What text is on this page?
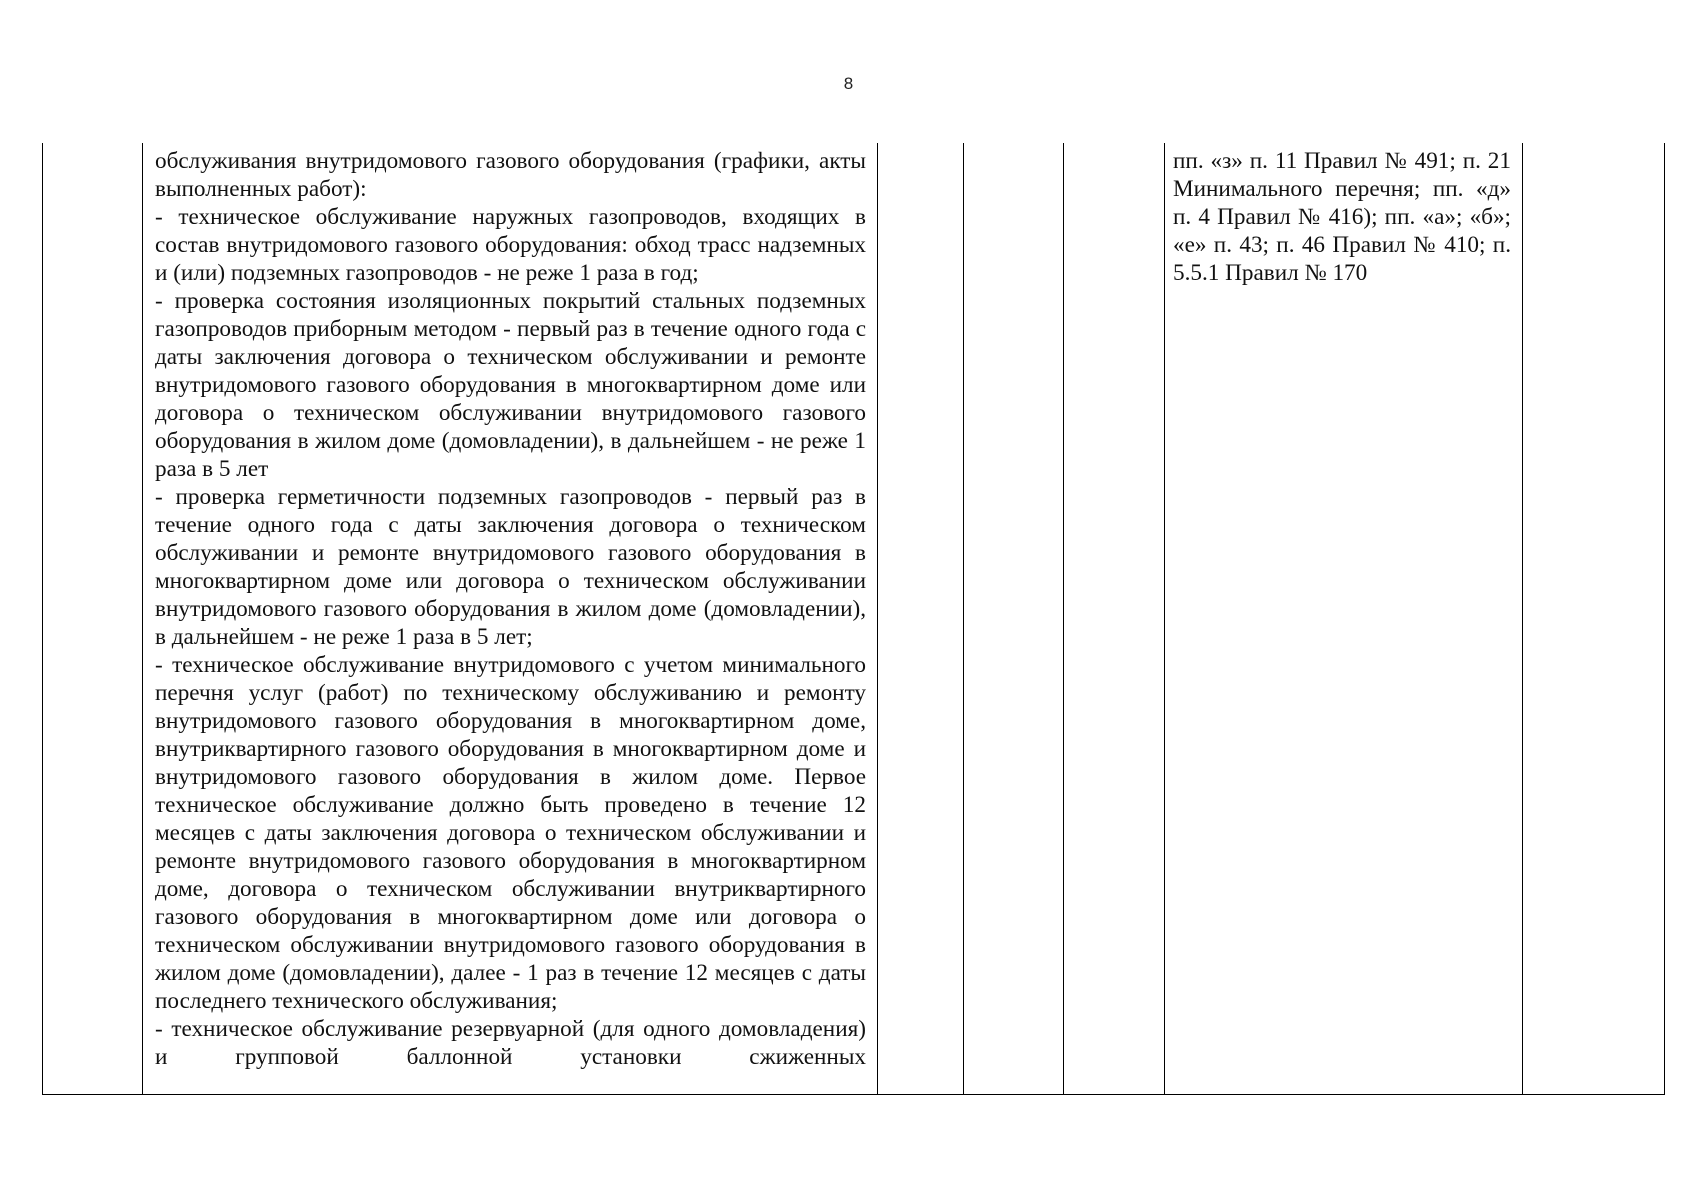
8

обслуживания внутридомового газового оборудования (графики, акты выполненных работ):

- техническое обслуживание наружных газопроводов, входящих в состав внутридомового газового оборудования: обход трасс надземных и (или) подземных газопроводов - не реже 1 раза в год;

- проверка состояния изоляционных покрытий стальных подземных газопроводов приборным методом - первый раз в течение одного года с даты заключения договора о техническом обслуживании и ремонте внутридомового газового оборудования в многоквартирном доме или договора о техническом обслуживании внутридомового газового оборудования в жилом доме (домовладении), в дальнейшем - не реже 1 раза в 5 лет

- проверка герметичности подземных газопроводов - первый раз в течение одного года с даты заключения договора о техническом обслуживании и ремонте внутридомового газового оборудования в многоквартирном доме или договора о техническом обслуживании внутридомового газового оборудования в жилом доме (домовладении), в дальнейшем - не реже 1 раза в 5 лет;

- техническое обслуживание внутридомового с учетом минимального перечня услуг (работ) по техническому обслуживанию и ремонту внутридомового газового оборудования в многоквартирном доме, внутриквартирного газового оборудования в многоквартирном доме и внутридомового газового оборудования в жилом доме. Первое техническое обслуживание должно быть проведено в течение 12 месяцев с даты заключения договора о техническом обслуживании и ремонте внутридомового газового оборудования в многоквартирном доме, договора о техническом обслуживании внутриквартирного газового оборудования в многоквартирном доме или договора о техническом обслуживании внутридомового газового оборудования в жилом доме (домовладении), далее - 1 раз в течение 12 месяцев с даты последнего технического обслуживания;

- техническое обслуживание резервуарной (для одного домовладения) и групповой баллонной установки сжиженных

пп. «з» п. 11 Правил № 491; п. 21 Минимального перечня; пп. «д» п. 4 Правил № 416); пп. «а»; «б»; «е» п. 43; п. 46 Правил № 410; п. 5.5.1 Правил № 170
